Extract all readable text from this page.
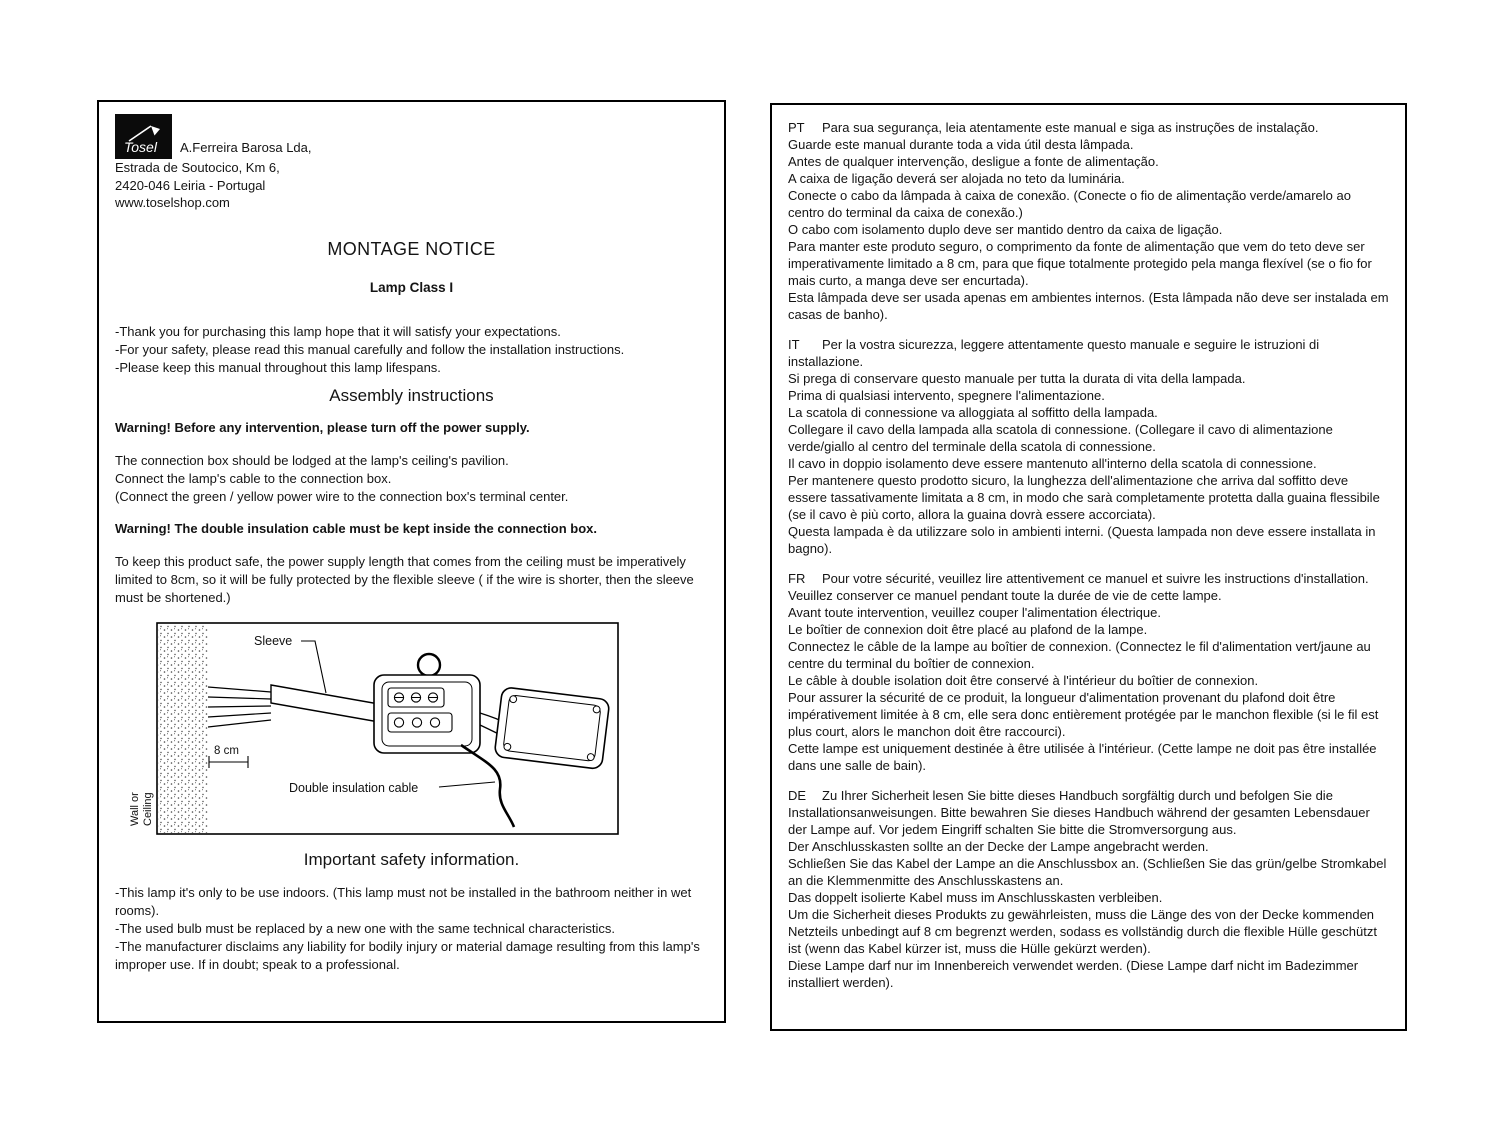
Tosel A.Ferreira Barosa Lda,
Estrada de Soutocico, Km 6,
2420-046 Leiria - Portugal
www.toselshop.com
MONTAGE NOTICE
Lamp Class I
-Thank you for purchasing this lamp hope that it will satisfy your expectations.
-For your safety, please read this manual carefully and follow the installation instructions.
-Please keep this manual throughout this lamp lifespans.
Assembly instructions
Warning! Before any intervention, please turn off the power supply.
The connection box should be lodged at the lamp's ceiling's pavilion.
Connect the lamp's cable to the connection box.
(Connect the green / yellow power wire to the connection box's terminal center.
Warning! The double insulation cable must be kept inside the connection box.
To keep this product safe, the power supply length that comes from the ceiling must be imperatively limited to 8cm, so it will be fully protected by the flexible sleeve ( if the wire is shorter, then the sleeve must be shortened.)
Wall or Ceiling
Sleeve
8 cm
Double insulation cable
Important safety information.
-This lamp it's only to be use indoors. (This lamp must not be installed in the bathroom neither in wet rooms).
-The used bulb must be replaced by a new one with the same technical characteristics.
-The manufacturer disclaims any liability for bodily injury or material damage resulting from this lamp's improper use. If in doubt; speak to a professional.
PT Para sua segurança, leia atentamente este manual e siga as instruções de instalação.
Guarde este manual durante toda a vida útil desta lâmpada.
Antes de qualquer intervenção, desligue a fonte de alimentação.
A caixa de ligação deverá ser alojada no teto da luminária.
Conecte o cabo da lâmpada à caixa de conexão. (Conecte o fio de alimentação verde/amarelo ao centro do terminal da caixa de conexão.)
O cabo com isolamento duplo deve ser mantido dentro da caixa de ligação.
Para manter este produto seguro, o comprimento da fonte de alimentação que vem do teto deve ser imperativamente limitado a 8 cm, para que fique totalmente protegido pela manga flexível (se o fio for mais curto, a manga deve ser encurtada).
Esta lâmpada deve ser usada apenas em ambientes internos. (Esta lâmpada não deve ser instalada em casas de banho).
IT Per la vostra sicurezza, leggere attentamente questo manuale e seguire le istruzioni di installazione.
Si prega di conservare questo manuale per tutta la durata di vita della lampada.
Prima di qualsiasi intervento, spegnere l'alimentazione.
La scatola di connessione va alloggiata al soffitto della lampada.
Collegare il cavo della lampada alla scatola di connessione. (Collegare il cavo di alimentazione verde/giallo al centro del terminale della scatola di connessione.
Il cavo in doppio isolamento deve essere mantenuto all'interno della scatola di connessione.
Per mantenere questo prodotto sicuro, la lunghezza dell'alimentazione che arriva dal soffitto deve essere tassativamente limitata a 8 cm, in modo che sarà completamente protetta dalla guaina flessibile (se il cavo è più corto, allora la guaina dovrà essere accorciata).
Questa lampada è da utilizzare solo in ambienti interni. (Questa lampada non deve essere installata in bagno).
FR Pour votre sécurité, veuillez lire attentivement ce manuel et suivre les instructions d'installation. Veuillez conserver ce manuel pendant toute la durée de vie de cette lampe.
Avant toute intervention, veuillez couper l'alimentation électrique.
Le boîtier de connexion doit être placé au plafond de la lampe.
Connectez le câble de la lampe au boîtier de connexion. (Connectez le fil d'alimentation vert/jaune au centre du terminal du boîtier de connexion.
Le câble à double isolation doit être conservé à l'intérieur du boîtier de connexion.
Pour assurer la sécurité de ce produit, la longueur d'alimentation provenant du plafond doit être impérativement limitée à 8 cm, elle sera donc entièrement protégée par le manchon flexible (si le fil est plus court, alors le manchon doit être raccourci).
Cette lampe est uniquement destinée à être utilisée à l'intérieur. (Cette lampe ne doit pas être installée dans une salle de bain).
DE Zu Ihrer Sicherheit lesen Sie bitte dieses Handbuch sorgfältig durch und befolgen Sie die Installationsanweisungen. Bitte bewahren Sie dieses Handbuch während der gesamten Lebensdauer der Lampe auf. Vor jedem Eingriff schalten Sie bitte die Stromversorgung aus.
Der Anschlusskasten sollte an der Decke der Lampe angebracht werden.
Schließen Sie das Kabel der Lampe an die Anschlussbox an. (Schließen Sie das grün/gelbe Stromkabel an die Klemmenmitte des Anschlusskastens an.
Das doppelt isolierte Kabel muss im Anschlusskasten verbleiben.
Um die Sicherheit dieses Produkts zu gewährleisten, muss die Länge des von der Decke kommenden Netzteils unbedingt auf 8 cm begrenzt werden, sodass es vollständig durch die flexible Hülle geschützt ist (wenn das Kabel kürzer ist, muss die Hülle gekürzt werden).
Diese Lampe darf nur im Innenbereich verwendet werden. (Diese Lampe darf nicht im Badezimmer installiert werden).
